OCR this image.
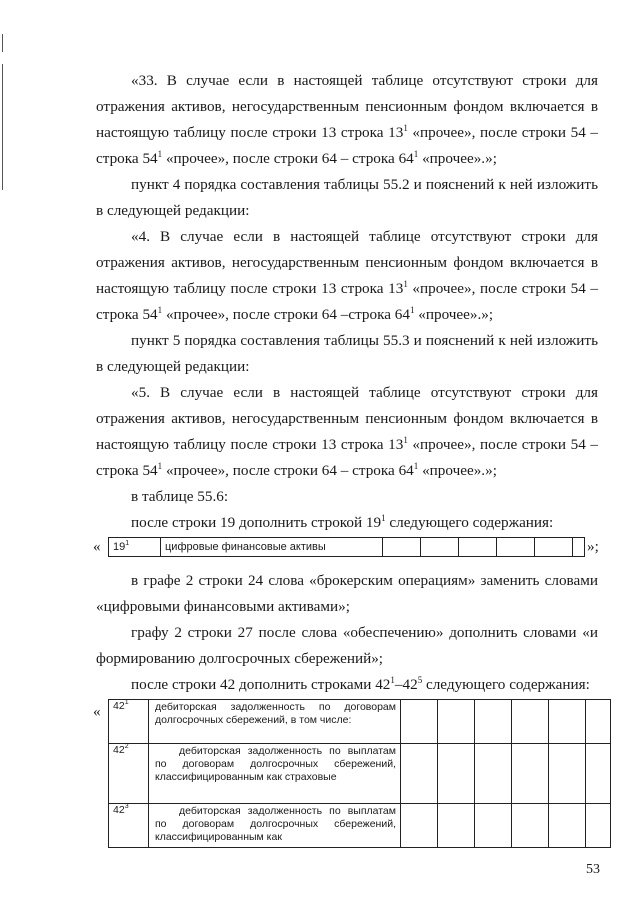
«33. В случае если в настоящей таблице отсутствуют строки для отражения активов, негосударственным пенсионным фондом включается в настоящую таблицу после строки 13 строка $13^1$ «прочее», после строки 54 – строка $54^1$ «прочее», после строки 64 – строка $64^1$ «прочее».»;

пункт 4 порядка составления таблицы 55.2 и пояснений к ней изложить в следующей редакции:

«4. В случае если в настоящей таблице отсутствуют строки для отражения активов, негосударственным пенсионным фондом включается в настоящую таблицу после строки 13 строка $13^1$ «прочее», после строки 54 – строка $54^1$ «прочее», после строки 64 –строка $64^1$ «прочее».»;

пункт 5 порядка составления таблицы 55.3 и пояснений к ней изложить в следующей редакции:

«5. В случае если в настоящей таблице отсутствуют строки для отражения активов, негосударственным пенсионным фондом включается в настоящую таблицу после строки 13 строка $13^1$ «прочее», после строки 54 – строка $54^1$ «прочее», после строки 64 – строка $64^1$ «прочее».»;

в таблице 55.6:

после строки 19 дополнить строкой $19^1$ следующего содержания:

« $19^1$	цифровые финансовые активы							»;

в графе 2 строки 24 слова «брокерским операциям» заменить словами «цифровыми финансовыми активами»;

графу 2 строки 27 после слова «обеспечению» дополнить словами «и формированию долгосрочных сбережений»;

после строки 42 дополнить строками $42^1-42^5$ следующего содержания:

« $42^1$	дебиторская задолженность по договорам долгосрочных сбережений, в том числе:						
$42^2$	дебиторская задолженность по выплатам по договорам долгосрочных сбережений, классифицированным как страховые						
$42^3$	дебиторская задолженность по выплатам по договорам долгосрочных сбережений, классифицированным как						
53
